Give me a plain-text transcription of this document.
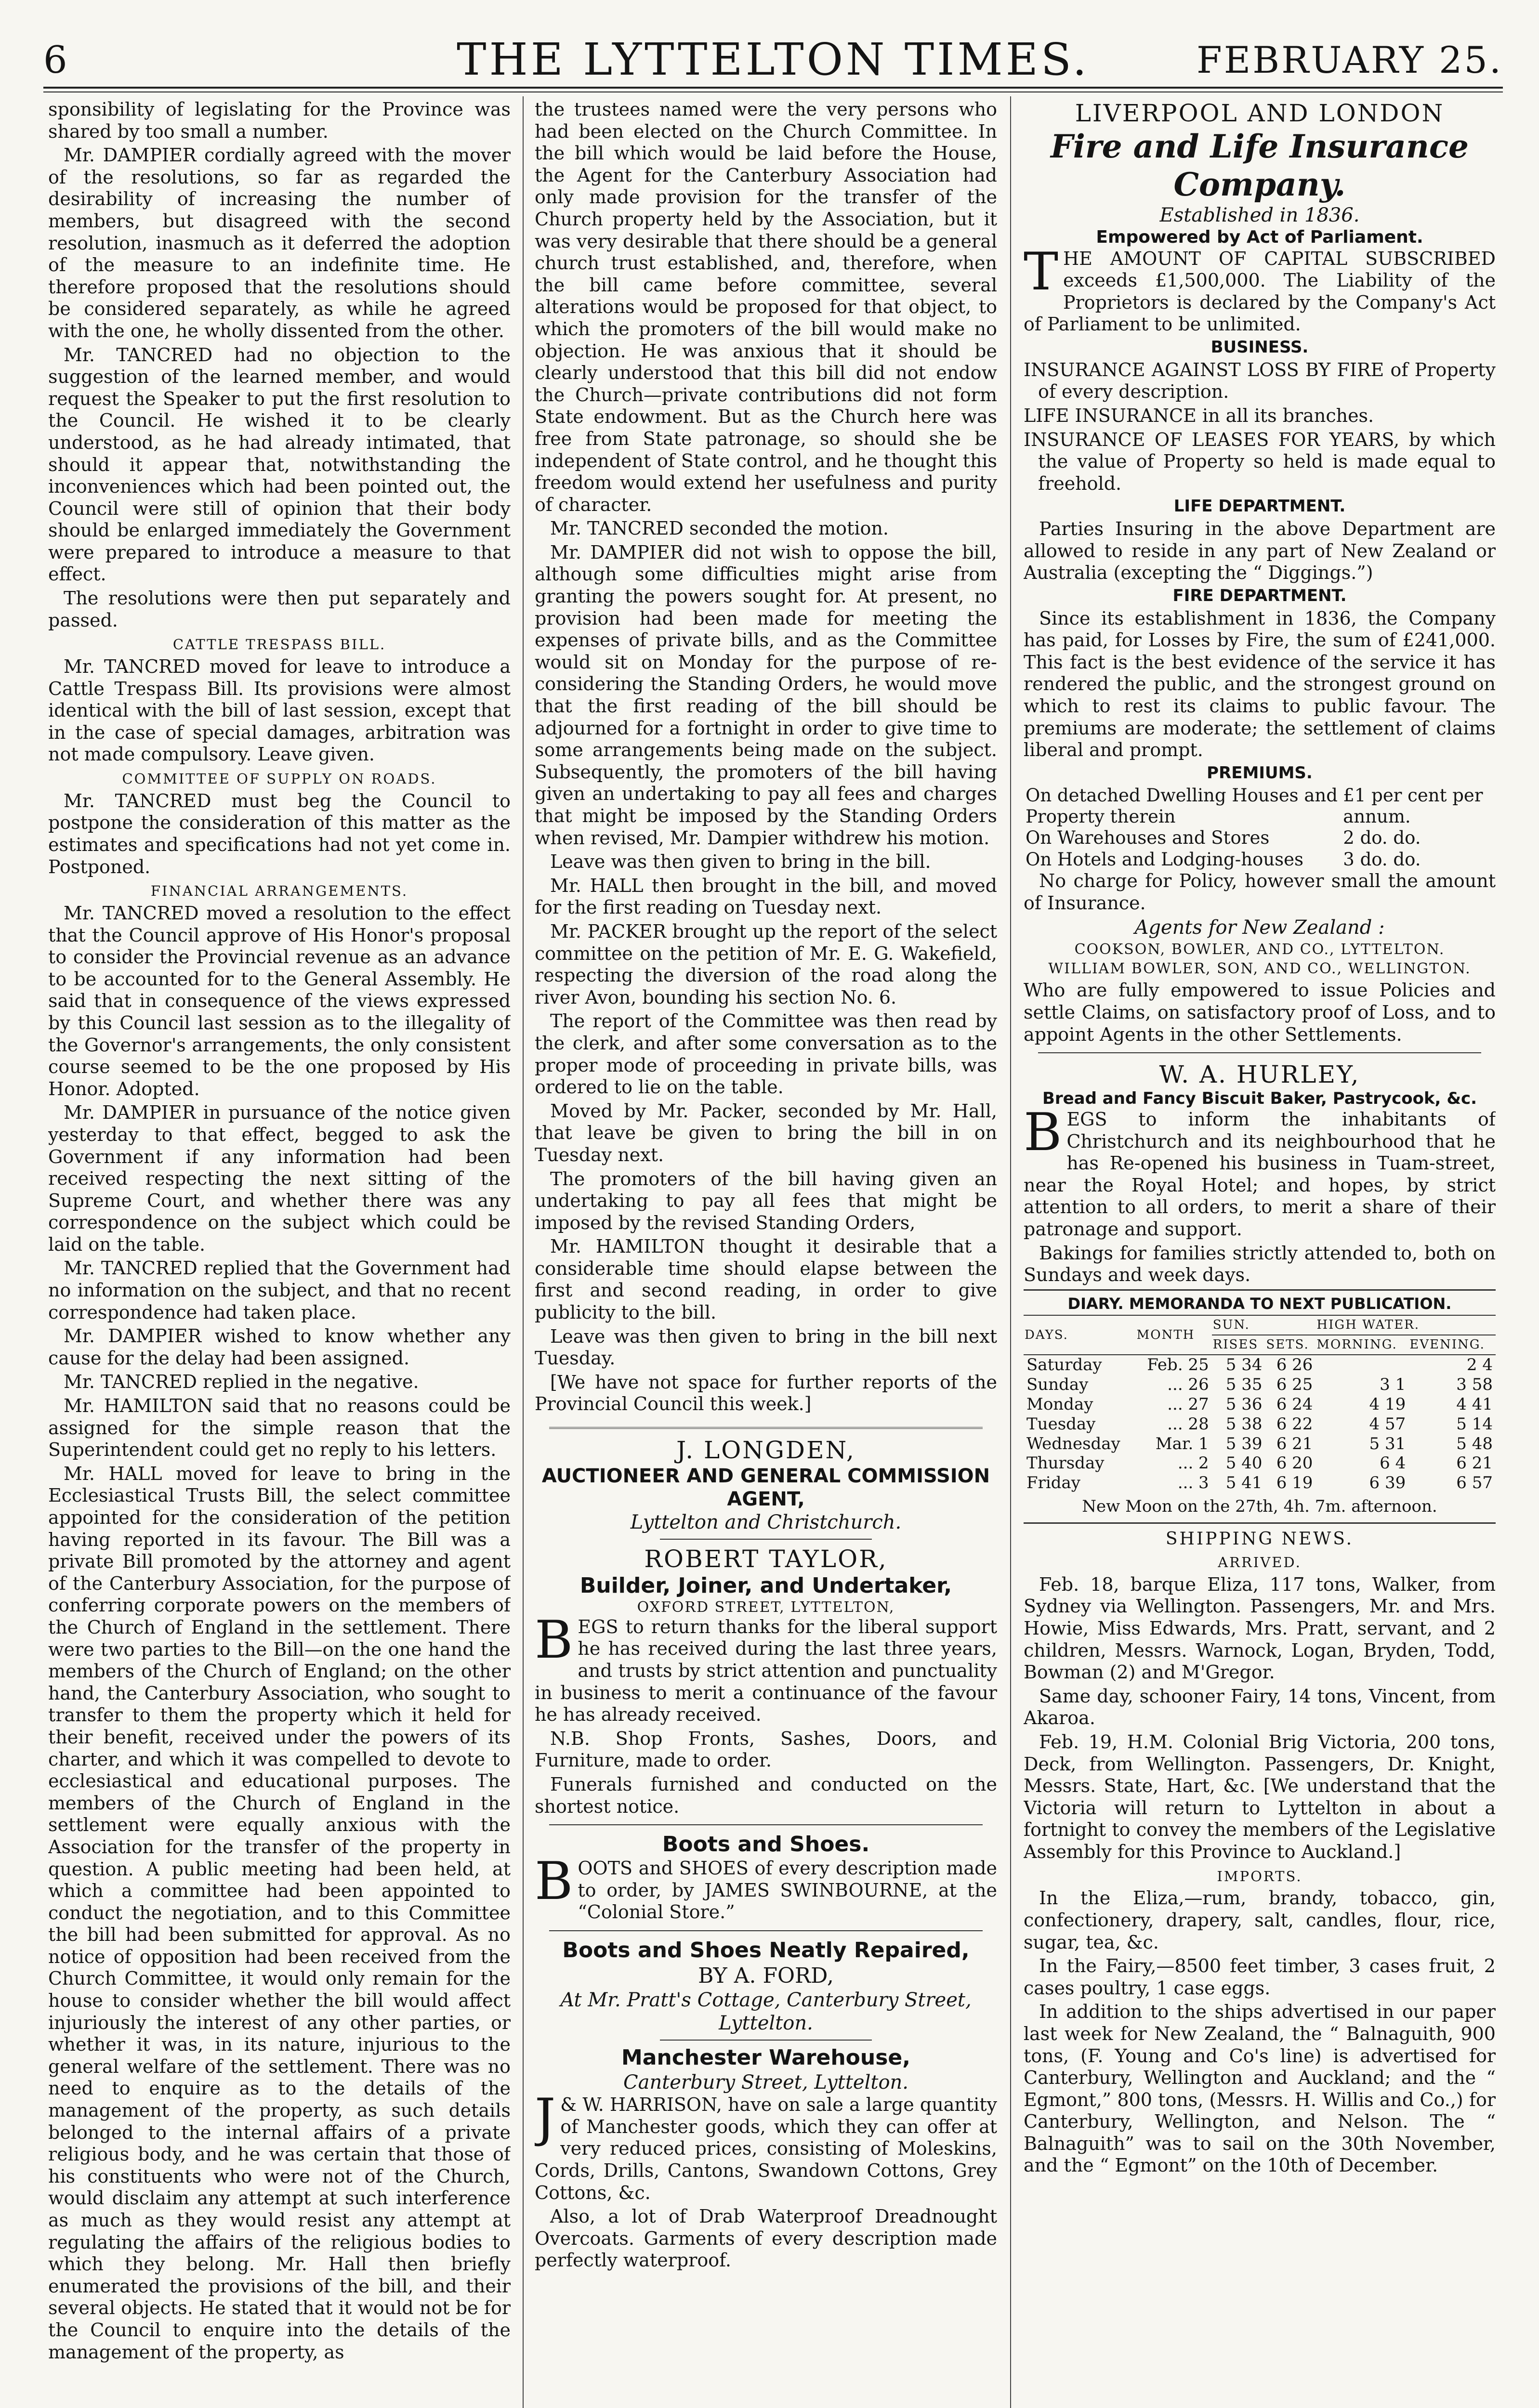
6	THE LYTTELTON TIMES.	FEBRUARY 25.

sponsibility of legislating for the Province was shared by too small a number.

Mr. DAMPIER cordially agreed with the mover of the resolutions, so far as regarded the desirability of increasing the number of members, but disagreed with the second resolution, inasmuch as it deferred the adoption of the measure to an indefinite time. He therefore proposed that the resolutions should be considered separately, as while he agreed with the one, he wholly dissented from the other.

Mr. TANCRED had no objection to the suggestion of the learned member, and would request the Speaker to put the first resolution to the Council. He wished it to be clearly understood, as he had already intimated, that should it appear that, notwithstanding the inconveniences which had been pointed out, the Council were still of opinion that their body should be enlarged immediately the Government were prepared to introduce a measure to that effect.

The resolutions were then put separately and passed.

CATTLE TRESPASS BILL.

Mr. TANCRED moved for leave to introduce a Cattle Trespass Bill. Its provisions were almost identical with the bill of last session, except that in the case of special damages, arbitration was not made compulsory. Leave given.

COMMITTEE OF SUPPLY ON ROADS.

Mr. TANCRED must beg the Council to postpone the consideration of this matter as the estimates and specifications had not yet come in. Postponed.

FINANCIAL ARRANGEMENTS.

Mr. TANCRED moved a resolution to the effect that the Council approve of His Honor's proposal to consider the Provincial revenue as an advance to be accounted for to the General Assembly. He said that in consequence of the views expressed by this Council last session as to the illegality of the Governor's arrangements, the only consistent course seemed to be the one proposed by His Honor. Adopted.

Mr. DAMPIER in pursuance of the notice given yesterday to that effect, begged to ask the Government if any information had been received respecting the next sitting of the Supreme Court, and whether there was any correspondence on the subject which could be laid on the table.

Mr. TANCRED replied that the Government had no information on the subject, and that no recent correspondence had taken place.

Mr. DAMPIER wished to know whether any cause for the delay had been assigned.

Mr. TANCRED replied in the negative.

Mr. HAMILTON said that no reasons could be assigned for the simple reason that the Superintendent could get no reply to his letters.

Mr. HALL moved for leave to bring in the Ecclesiastical Trusts Bill, the select committee appointed for the consideration of the petition having reported in its favour. The Bill was a private Bill promoted by the attorney and agent of the Canterbury Association, for the purpose of conferring corporate powers on the members of the Church of England in the settlement. There were two parties to the Bill—on the one hand the members of the Church of England; on the other hand, the Canterbury Association, who sought to transfer to them the property which it held for their benefit, received under the powers of its charter, and which it was compelled to devote to ecclesiastical and educational purposes. The members of the Church of England in the settlement were equally anxious with the Association for the transfer of the property in question. A public meeting had been held, at which a committee had been appointed to conduct the negotiation, and to this Committee the bill had been submitted for approval. As no notice of opposition had been received from the Church Committee, it would only remain for the house to consider whether the bill would affect injuriously the interest of any other parties, or whether it was, in its nature, injurious to the general welfare of the settlement. There was no need to enquire as to the details of the management of the property, as such details belonged to the internal affairs of a private religious body, and he was certain that those of his constituents who were not of the Church, would disclaim any attempt at such interference as much as they would resist any attempt at regulating the affairs of the religious bodies to which they belong. Mr. Hall then briefly enumerated the provisions of the bill, and their several objects. He stated that it would not be for the Council to enquire into the details of the management of the property, as

the trustees named were the very persons who had been elected on the Church Committee. In the bill which would be laid before the House, the Agent for the Canterbury Association had only made provision for the transfer of the Church property held by the Association, but it was very desirable that there should be a general church trust established, and, therefore, when the bill came before committee, several alterations would be proposed for that object, to which the promoters of the bill would make no objection. He was anxious that it should be clearly understood that this bill did not endow the Church—private contributions did not form State endowment. But as the Church here was free from State patronage, so should she be independent of State control, and he thought this freedom would extend her usefulness and purity of character.

Mr. TANCRED seconded the motion.

Mr. DAMPIER did not wish to oppose the bill, although some difficulties might arise from granting the powers sought for. At present, no provision had been made for meeting the expenses of private bills, and as the Committee would sit on Monday for the purpose of re-considering the Standing Orders, he would move that the first reading of the bill should be adjourned for a fortnight in order to give time to some arrangements being made on the subject. Subsequently, the promoters of the bill having given an undertaking to pay all fees and charges that might be imposed by the Standing Orders when revised, Mr. Dampier withdrew his motion.

Leave was then given to bring in the bill.

Mr. HALL then brought in the bill, and moved for the first reading on Tuesday next.

Mr. PACKER brought up the report of the select committee on the petition of Mr. E. G. Wakefield, respecting the diversion of the road along the river Avon, bounding his section No. 6.

The report of the Committee was then read by the clerk, and after some conversation as to the proper mode of proceeding in private bills, was ordered to lie on the table.

Moved by Mr. Packer, seconded by Mr. Hall, that leave be given to bring the bill in on Tuesday next.

The promoters of the bill having given an undertaking to pay all fees that might be imposed by the revised Standing Orders,

Mr. HAMILTON thought it desirable that a considerable time should elapse between the first and second reading, in order to give publicity to the bill.

Leave was then given to bring in the bill next Tuesday.

[We have not space for further reports of the Provincial Council this week.]

J. LONGDEN,

AUCTIONEER AND GENERAL COMMISSION AGENT,

Lyttelton and Christchurch.

ROBERT TAYLOR,

Builder, Joiner, and Undertaker,

OXFORD STREET, LYTTELTON,

BEGS to return thanks for the liberal support he has received during the last three years, and trusts by strict attention and punctuality in business to merit a continuance of the favour he has already received.

N.B. Shop Fronts, Sashes, Doors, and Furniture, made to order.

Funerals furnished and conducted on the shortest notice.

Boots and Shoes.

BOOTS and SHOES of every description made to order, by JAMES SWINBOURNE, at the “Colonial Store.”

Boots and Shoes Neatly Repaired,

BY A. FORD,

At Mr. Pratt's Cottage, Canterbury Street, Lyttelton.

Manchester Warehouse,

Canterbury Street, Lyttelton.

J & W. HARRISON, have on sale a large quantity of Manchester goods, which they can offer at very reduced prices, consisting of Moleskins, Cords, Drills, Cantons, Swandown Cottons, Grey Cottons, &c.

Also, a lot of Drab Waterproof Dreadnought Overcoats. Garments of every description made perfectly waterproof.

LIVERPOOL AND LONDON

Fire and Life Insurance Company.

Established in 1836.

Empowered by Act of Parliament.

THE AMOUNT OF CAPITAL SUBSCRIBED exceeds £1,500,000. The Liability of the Proprietors is declared by the Company's Act of Parliament to be unlimited.

BUSINESS.

INSURANCE AGAINST LOSS BY FIRE of Property of every description.

LIFE INSURANCE in all its branches.

INSURANCE OF LEASES FOR YEARS, by which the value of Property so held is made equal to freehold.

LIFE DEPARTMENT.

Parties Insuring in the above Department are allowed to reside in any part of New Zealand or Australia (excepting the “ Diggings.”)

FIRE DEPARTMENT.

Since its establishment in 1836, the Company has paid, for Losses by Fire, the sum of £241,000. This fact is the best evidence of the service it has rendered the public, and the strongest ground on which to rest its claims to public favour. The premiums are moderate; the settlement of claims liberal and prompt.

PREMIUMS.

On detached Dwelling Houses and Property therein	£1 per cent per annum.
On Warehouses and Stores	2 do. do.
On Hotels and Lodging-houses	3 do. do.

No charge for Policy, however small the amount of Insurance.

Agents for New Zealand :

COOKSON, BOWLER, AND CO., LYTTELTON.

WILLIAM BOWLER, SON, AND CO., WELLINGTON.

Who are fully empowered to issue Policies and settle Claims, on satisfactory proof of Loss, and to appoint Agents in the other Settlements.

W. A. HURLEY,

Bread and Fancy Biscuit Baker, Pastrycook, &c.

BEGS to inform the inhabitants of Christchurch and its neighbourhood that he has Re-opened his business in Tuam-street, near the Royal Hotel; and hopes, by strict attention to all orders, to merit a share of their patronage and support.

Bakings for families strictly attended to, both on Sundays and week days.

DIARY. MEMORANDA TO NEXT PUBLICATION.

DAYS.	MONTH	SUN.		HIGH WATER.	
		RISES	SETS.	MORNING.	EVENING.
Saturday	Feb. 25	5 34	6 26		2 4
Sunday	... 26	5 35	6 25	3 1	3 58
Monday	... 27	5 36	6 24	4 19	4 41
Tuesday	... 28	5 38	6 22	4 57	5 14
Wednesday	Mar. 1	5 39	6 21	5 31	5 48
Thursday	... 2	5 40	6 20	6 4	6 21
Friday	... 3	5 41	6 19	6 39	6 57

New Moon on the 27th, 4h. 7m. afternoon.

SHIPPING NEWS.

ARRIVED.

Feb. 18, barque Eliza, 117 tons, Walker, from Sydney via Wellington. Passengers, Mr. and Mrs. Howie, Miss Edwards, Mrs. Pratt, servant, and 2 children, Messrs. Warnock, Logan, Bryden, Todd, Bowman (2) and M'Gregor.

Same day, schooner Fairy, 14 tons, Vincent, from Akaroa.

Feb. 19, H.M. Colonial Brig Victoria, 200 tons, Deck, from Wellington. Passengers, Dr. Knight, Messrs. State, Hart, &c. [We understand that the Victoria will return to Lyttelton in about a fortnight to convey the members of the Legislative Assembly for this Province to Auckland.]

IMPORTS.

In the Eliza,—rum, brandy, tobacco, gin, confectionery, drapery, salt, candles, flour, rice, sugar, tea, &c.

In the Fairy,—8500 feet timber, 3 cases fruit, 2 cases poultry, 1 case eggs.

In addition to the ships advertised in our paper last week for New Zealand, the “ Balnaguith, 900 tons, (F. Young and Co's line) is advertised for Canterbury, Wellington and Auckland; and the “ Egmont,” 800 tons, (Messrs. H. Willis and Co.,) for Canterbury, Wellington, and Nelson. The “ Balnaguith” was to sail on the 30th November, and the “ Egmont” on the 10th of December.
